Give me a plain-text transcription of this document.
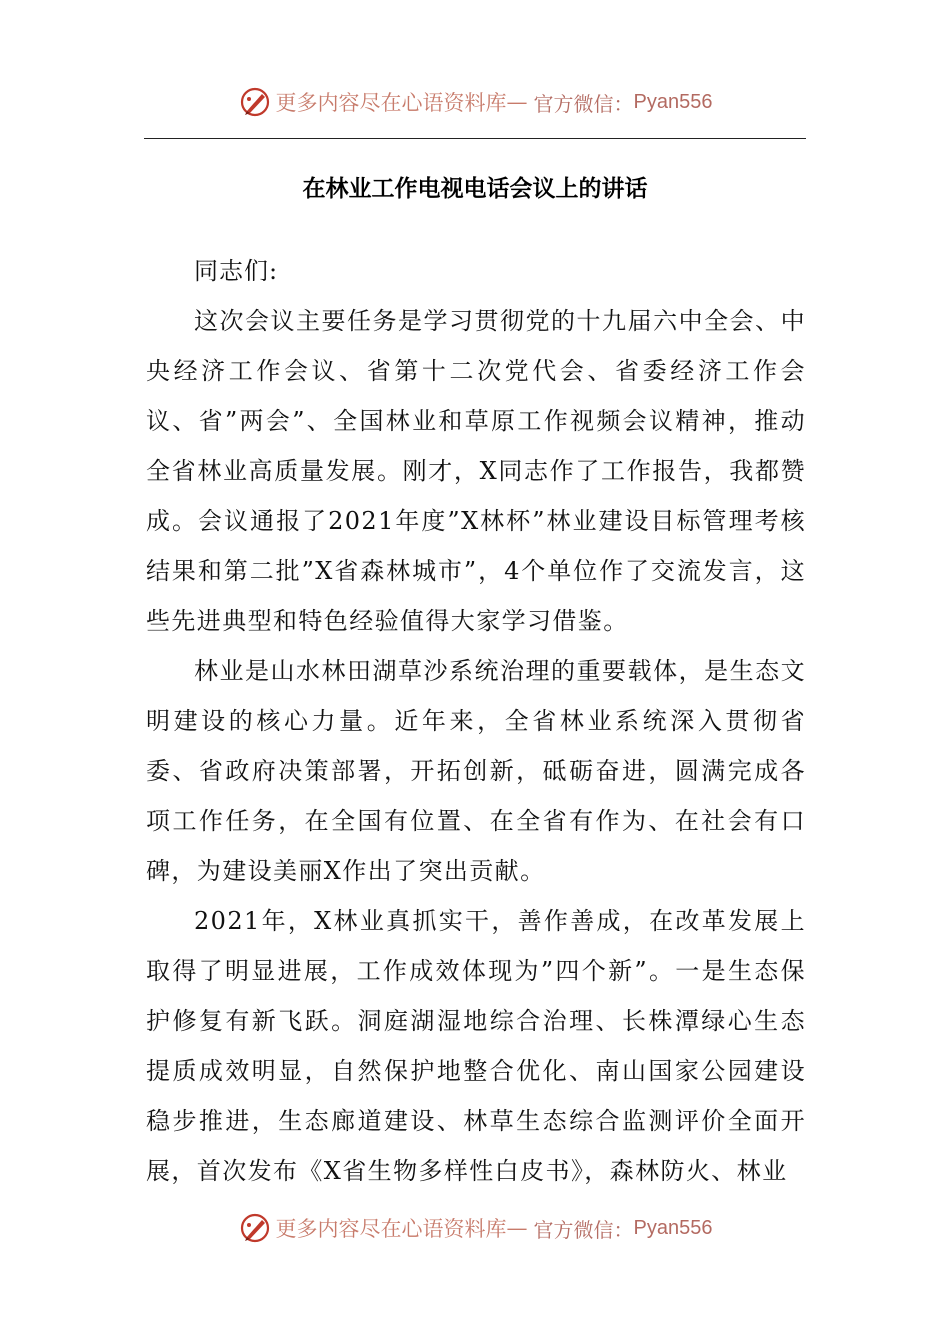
更多内容尽在心语资料库 — 官方微信： Pyan556
在林业工作电视电话会议上的讲话

同志们:

这次会议主要任务是学习贯彻党的十九届六中全会、中央经济工作会议、省第十二次党代会、省委经济工作会议、省”两会”、全国林业和草原工作视频会议精神，推动全省林业高质量发展。刚才，X同志作了工作报告，我都赞成。会议通报了2021年度”X林杯”林业建设目标管理考核结果和第二批”X省森林城市”，4个单位作了交流发言，这些先进典型和特色经验值得大家学习借鉴。

林业是山水林田湖草沙系统治理的重要载体，是生态文明建设的核心力量。近年来，全省林业系统深入贯彻省委、省政府决策部署，开拓创新，砥砺奋进，圆满完成各项工作任务，在全国有位置、在全省有作为、在社会有口碑，为建设美丽X作出了突出贡献。

2021年，X林业真抓实干，善作善成，在改革发展上取得了明显进展，工作成效体现为”四个新”。一是生态保护修复有新飞跃。洞庭湖湿地综合治理、长株潭绿心生态提质成效明显，自然保护地整合优化、南山国家公园建设稳步推进，生态廊道建设、林草生态综合监测评价全面开展，首次发布《X省生物多样性白皮书》，森林防火、林业

更多内容尽在心语资料库 — 官方微信： Pyan556
